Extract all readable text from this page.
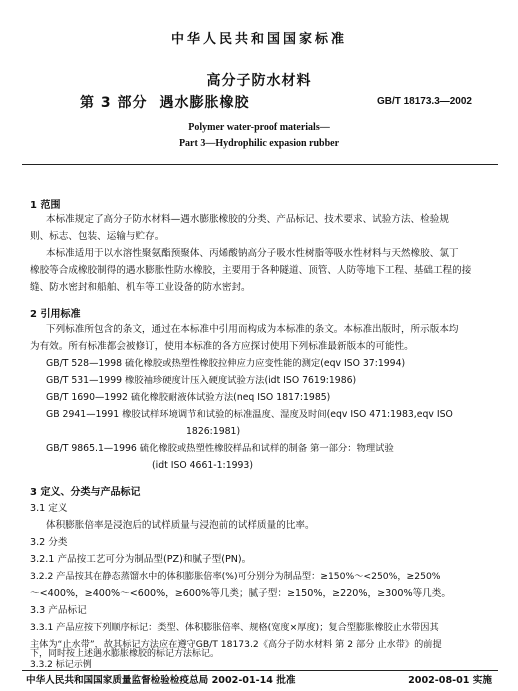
中华人民共和国国家标准
高分子防水材料
第 3 部分 遇水膨胀橡胶	GB/T 18173.3—2002
Polymer water-proof materials—
Part 3—Hydrophilic expasion rubber
1 范围
本标准规定了高分子防水材料—遇水膨胀橡胶的分类、产品标记、技术要求、试验方法、检验规
则、标志、包装、运输与贮存。
本标准适用于以水溶性聚氨酯预聚体、丙烯酸钠高分子吸水性树脂等吸水性材料与天然橡胶、氯丁
橡胶等合成橡胶制得的遇水膨胀性防水橡胶，主要用于各种隧道、顶管、人防等地下工程、基础工程的接
缝、防水密封和船舶、机车等工业设备的防水密封。
2 引用标准
下列标准所包含的条文，通过在本标准中引用而构成为本标准的条文。本标准出版时，所示版本均
为有效。所有标准都会被修订，使用本标准的各方应探讨使用下列标准最新版本的可能性。
GB/T 528—1998 硫化橡胶或热塑性橡胶拉伸应力应变性能的测定(eqv ISO 37:1994)
GB/T 531—1999 橡胶袖珍硬度计压入硬度试验方法(idt ISO 7619:1986)
GB/T 1690—1992 硫化橡胶耐液体试验方法(neq ISO 1817:1985)
GB 2941—1991 橡胶试样环境调节和试验的标准温度、湿度及时间(eqv ISO 471:1983,eqv ISO
1826:1981)
GB/T 9865.1—1996 硫化橡胶或热塑性橡胶样品和试样的制备 第一部分：物理试验
(idt ISO 4661-1:1993)
3 定义、分类与产品标记
3.1 定义
体积膨胀倍率是浸泡后的试样质量与浸泡前的试样质量的比率。
3.2 分类
3.2.1 产品按工艺可分为制品型(PZ)和腻子型(PN)。
3.2.2 产品按其在静态蒸馏水中的体积膨胀倍率(%)可分别分为制品型：≥150%～<250%，≥250%
～<400%，≥400%～<600%，≥600%等几类；腻子型：≥150%，≥220%，≥300%等几类。
3.3 产品标记
3.3.1 产品应按下列顺序标记：类型、体积膨胀倍率、规格(宽度×厚度)；复合型膨胀橡胶止水带因其
主体为“止水带”，故其标记方法应在遵守GB/T 18173.2《高分子防水材料 第 2 部分 止水带》的前提
中华人民共和国国家质量监督检验检疫总局 2002-01-14 批准	2002-08-01 实施
下，同时按上述遇水膨胀橡胶的标记方法标记。
3.3.2 标记示例
